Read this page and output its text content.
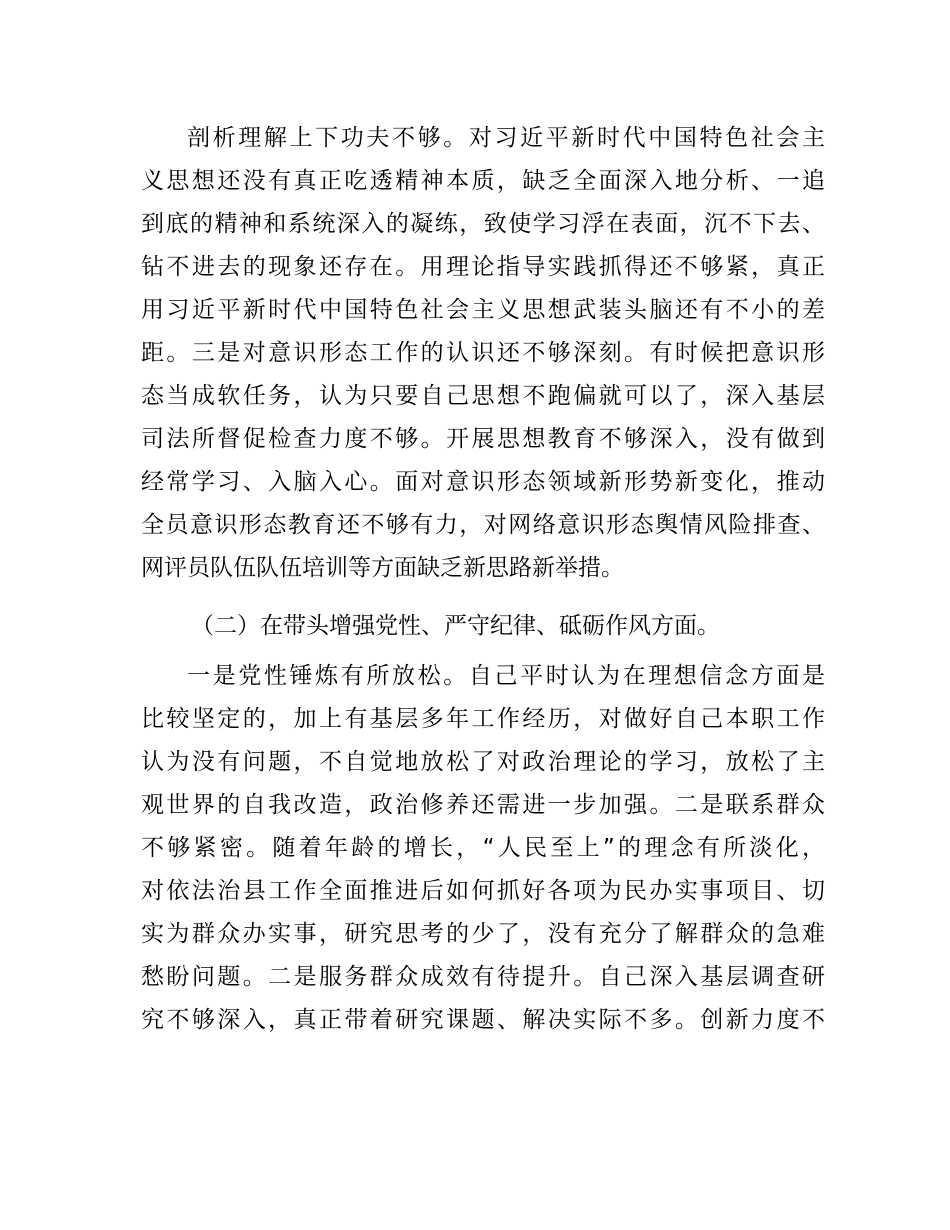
剖析理解上下功夫不够。对习近平新时代中国特色社会主
义思想还没有真正吃透精神本质，缺乏全面深入地分析、一追
到底的精神和系统深入的凝练，致使学习浮在表面，沉不下去、
钻不进去的现象还存在。用理论指导实践抓得还不够紧，真正
用习近平新时代中国特色社会主义思想武装头脑还有不小的差
距。三是对意识形态工作的认识还不够深刻。有时候把意识形
态当成软任务，认为只要自己思想不跑偏就可以了，深入基层
司法所督促检查力度不够。开展思想教育不够深入，没有做到
经常学习、入脑入心。面对意识形态领域新形势新变化，推动
全员意识形态教育还不够有力，对网络意识形态舆情风险排查、
网评员队伍队伍培训等方面缺乏新思路新举措。
（二）在带头增强党性、严守纪律、砥砺作风方面。
一是党性锤炼有所放松。自己平时认为在理想信念方面是
比较坚定的，加上有基层多年工作经历，对做好自己本职工作
认为没有问题，不自觉地放松了对政治理论的学习，放松了主
观世界的自我改造，政治修养还需进一步加强。二是联系群众
不够紧密。随着年龄的增长，“人民至上”的理念有所淡化，
对依法治县工作全面推进后如何抓好各项为民办实事项目、切
实为群众办实事，研究思考的少了，没有充分了解群众的急难
愁盼问题。二是服务群众成效有待提升。自己深入基层调查研
究不够深入，真正带着研究课题、解决实际不多。创新力度不
